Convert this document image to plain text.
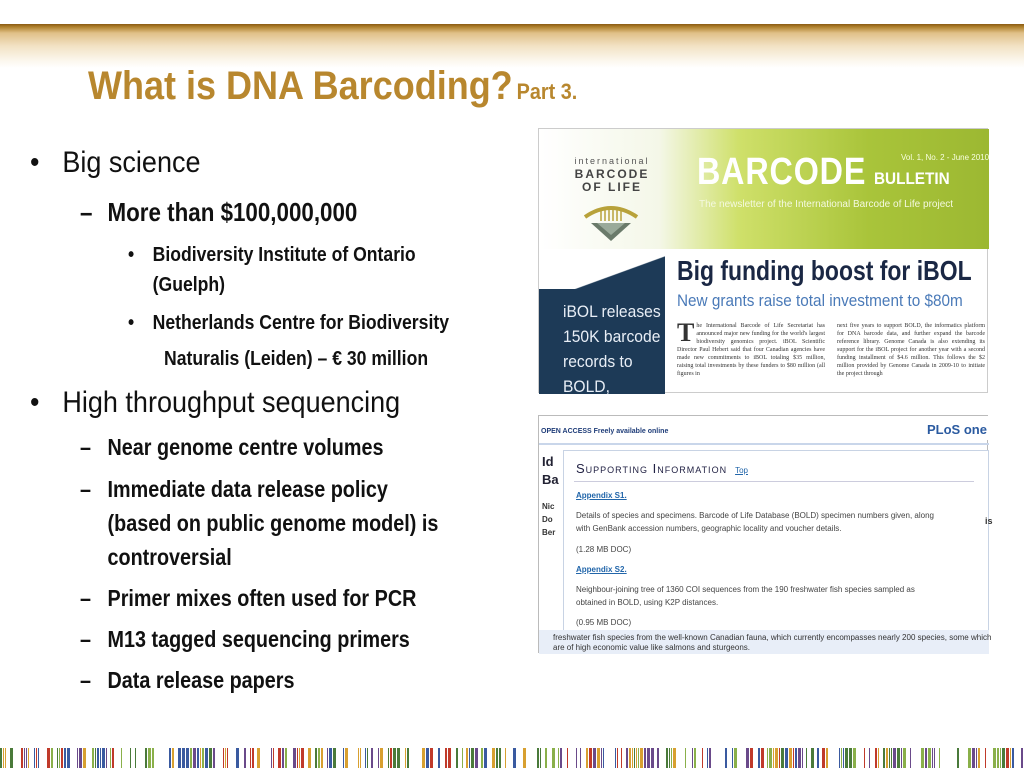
What is DNA Barcoding? Part 3.
• Big science
– More than $100,000,000
• Biodiversity Institute of Ontario
(Guelph)
• Netherlands Centre for Biodiversity
Naturalis (Leiden) – € 30 million
• High throughput sequencing
– Near genome centre volumes
– Immediate data release policy
(based on public genome model) is
controversial
– Primer mixes often used for PCR
– M13 tagged sequencing primers
– Data release papers
international
BARCODE
OF LIFE	BARCODE BULLETIN
Vol. 1, No. 2 - June 2010
The newsletter of the International Barcode of Life project
Big funding boost for iBOL
New grants raise total investment to $80m
iBOL releases
150K barcode
records to
BOLD,
The International Barcode of Life Secretariat has announced major new funding for the world's largest biodiversity genomics project. iBOL Scientific Director Paul Hebert said that four Canadian agencies have made new commitments to iBOL totaling $35 million, raising total investments by these funders to $80 million (all figures in
next five years to support BOLD, the informatics platform for DNA barcode data, and further expand the barcode reference library. Genome Canada is also extending its support for the iBOL project for another year with a second funding installment of $4.6 million. This follows the $2 million provided by Genome Canada in 2009-10 to initiate the project through
OPEN ACCESS Freely available online	PLoS one
Id
Ba
Nic
Do
Ber
Supporting Information Top
Appendix S1.
Details of species and specimens. Barcode of Life Database (BOLD) specimen numbers given, along
with GenBank accession numbers, geographic locality and voucher details.
(1.28 MB DOC)
Appendix S2.
Neighbour-joining tree of 1360 COI sequences from the 190 freshwater fish species sampled as
obtained in BOLD, using K2P distances.
(0.95 MB DOC)
is
freshwater fish species from the well-known Canadian fauna, which currently encompasses nearly 200 species, some which
are of high economic value like salmons and sturgeons.
